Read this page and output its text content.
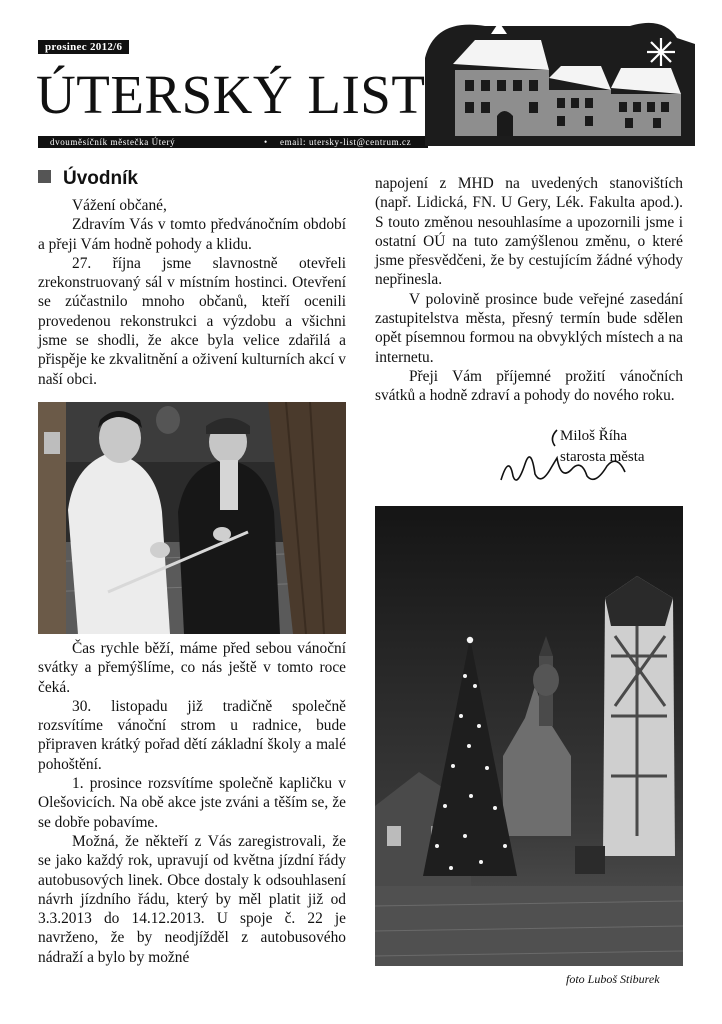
prosinec 2012/6
ÚTERSKÝ LIST
dvouměsíčník městečka Úterý	• email: utersky-list@centrum.cz
Úvodník

Vážení občané,

Zdravím Vás v tomto předvánočním období a přeji Vám hodně pohody a klidu.

27. října jsme slavnostně otevřeli zrekonstruovaný sál v místním hostinci. Otevření se zúčastnilo mnoho občanů, kteří ocenili provedenou rekonstrukci a výzdobu a všichni jsme se shodli, že akce byla velice zdařilá a přispěje ke zkvalitnění a oživení kulturních akcí v naší obci.

Čas rychle běží, máme před sebou vánoční svátky a přemýšlíme, co nás ještě v tomto roce čeká.

30. listopadu již tradičně společně rozsvítíme vánoční strom u radnice, bude připraven krátký pořad dětí základní školy a malé pohoštění.

1. prosince rozsvítíme společně kapličku v Olešovicích. Na obě akce jste zváni a těším se, že se dobře pobavíme.

Možná, že někteří z Vás zaregistrovali, že se jako každý rok, upravují od května jízdní řády autobusových linek. Obce dostaly k odsouhlasení návrh jízdního řádu, který by měl platit již od 3.3.2013 do 14.12.2013. U spoje č. 22 je navrženo, že by neodjížděl z autobusového nádraží a bylo by možné

napojení z MHD na uvedených stanovištích (např. Lidická, FN. U Gery, Lék. Fakulta apod.). S touto změnou nesouhlasíme a upozornili jsme i ostatní OÚ na tuto zamýšlenou změnu, o které jsme přesvědčeni, že by cestujícím žádné výhody nepřinesla.

V polovině prosince bude veřejné zasedání zastupitelstva města, přesný termín bude sdělen opět písemnou formou na obvyklých místech a na internetu.

Přeji Vám příjemné prožití vánočních svátků a hodně zdraví a pohody do nového roku.

Miloš Říha
starosta města
foto Luboš Stiburek
